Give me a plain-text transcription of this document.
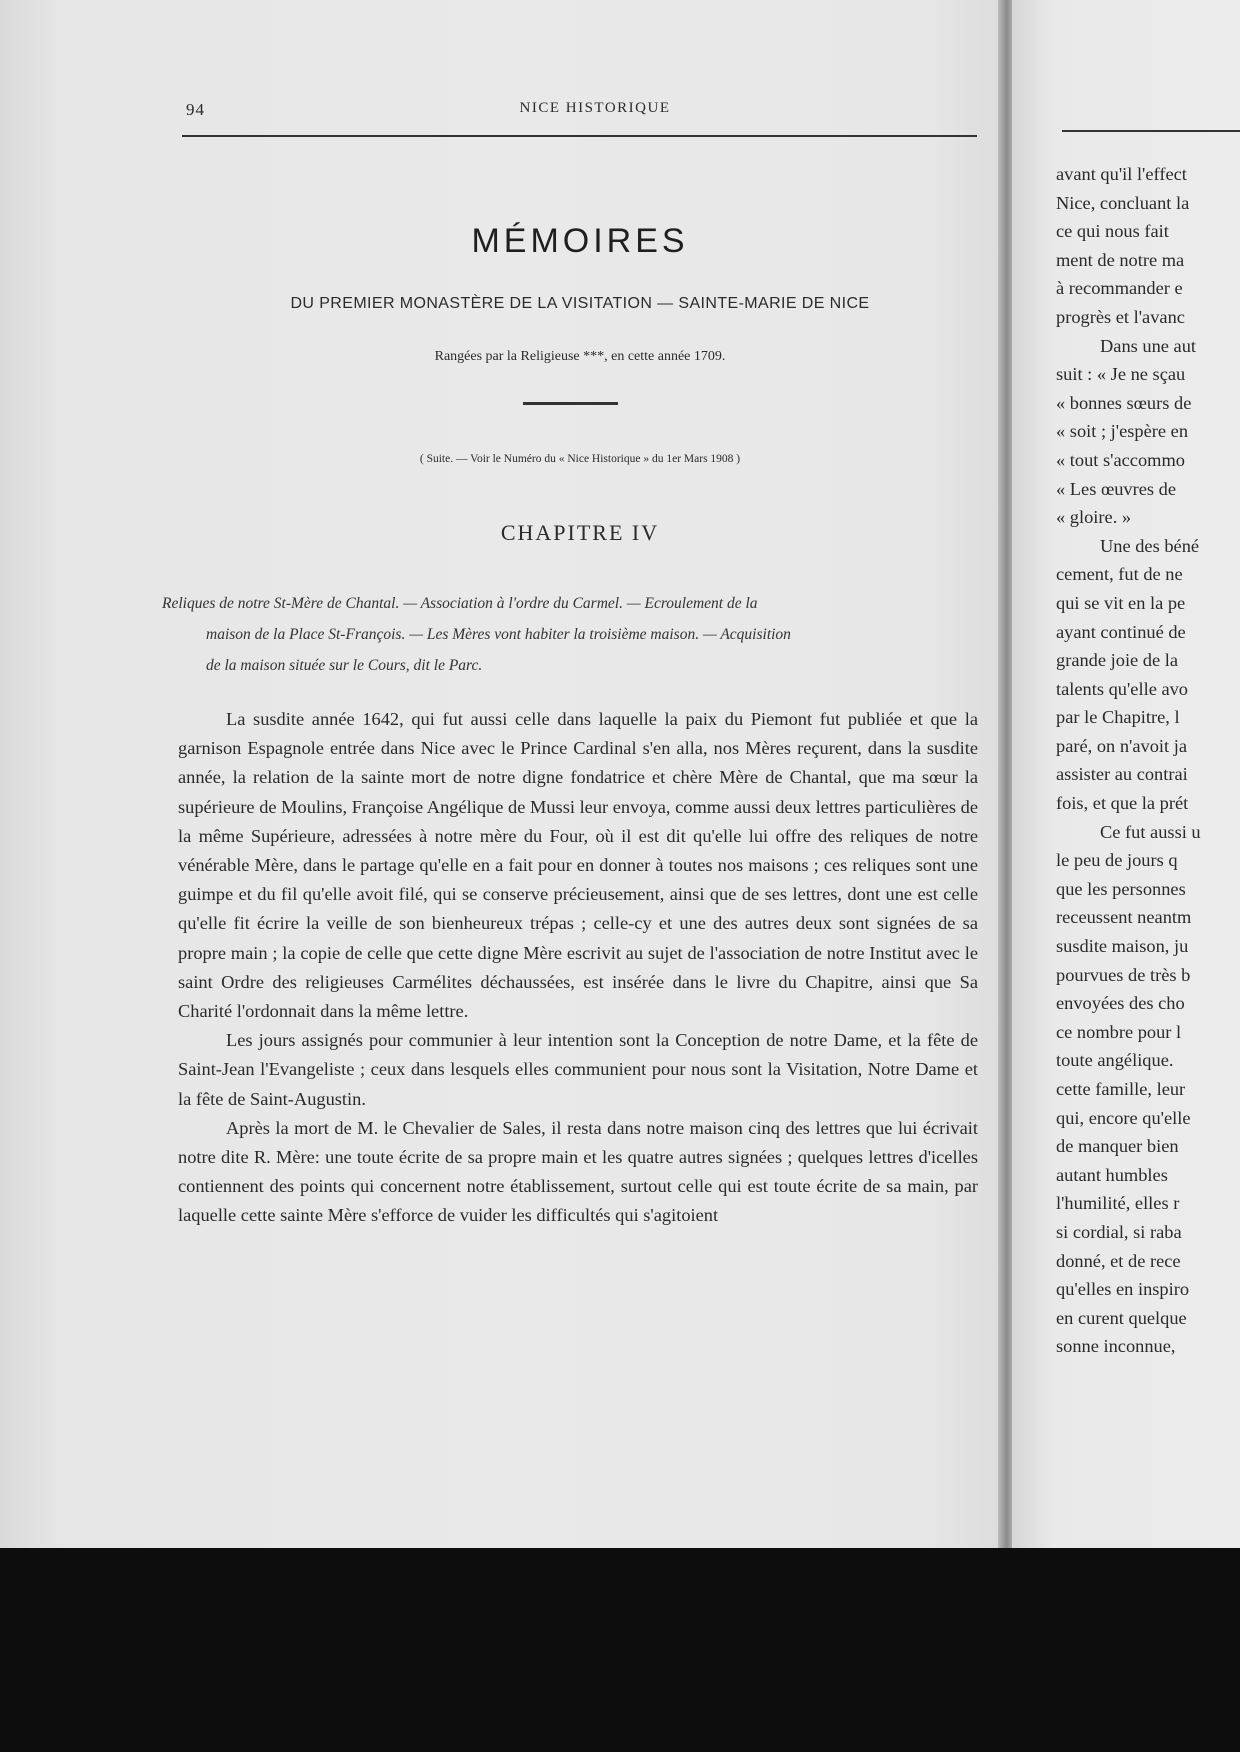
94	NICE HISTORIQUE
MÉMOIRES
DU PREMIER MONASTÈRE DE LA VISITATION — SAINTE-MARIE DE NICE
Rangées par la Religieuse ***, en cette année 1709.
( Suite. — Voir le Numéro du « Nice Historique » du 1er Mars 1908 )
CHAPITRE IV

Reliques de notre St-Mère de Chantal. — Association à l'ordre du Carmel. — Ecroulement de la

maison de la Place St-François. — Les Mères vont habiter la troisième maison. — Acquisition

de la maison située sur le Cours, dit le Parc.

La susdite année 1642, qui fut aussi celle dans laquelle la paix du Piemont fut publiée et que la garnison Espagnole entrée dans Nice avec le Prince Cardinal s'en alla, nos Mères reçurent, dans la susdite année, la relation de la sainte mort de notre digne fondatrice et chère Mère de Chantal, que ma sœur la supérieure de Moulins, Françoise Angélique de Mussi leur envoya, comme aussi deux lettres particulières de la même Supérieure, adressées à notre mère du Four, où il est dit qu'elle lui offre des reliques de notre vénérable Mère, dans le partage qu'elle en a fait pour en donner à toutes nos maisons ; ces reliques sont une guimpe et du fil qu'elle avoit filé, qui se conserve précieusement, ainsi que de ses lettres, dont une est celle qu'elle fit écrire la veille de son bienheureux trépas ; celle-cy et une des autres deux sont signées de sa propre main ; la copie de celle que cette digne Mère escrivit au sujet de l'association de notre Institut avec le saint Ordre des religieuses Carmélites déchaussées, est insérée dans le livre du Chapitre, ainsi que Sa Charité l'ordonnait dans la même lettre.

Les jours assignés pour communier à leur intention sont la Conception de notre Dame, et la fête de Saint-Jean l'Evangeliste ; ceux dans lesquels elles communient pour nous sont la Visitation, Notre Dame et la fête de Saint-Augustin.

Après la mort de M. le Chevalier de Sales, il resta dans notre maison cinq des lettres que lui écrivait notre dite R. Mère: une toute écrite de sa propre main et les quatre autres signées ; quelques lettres d'icelles contiennent des points qui concernent notre établissement, surtout celle qui est toute écrite de sa main, par laquelle cette sainte Mère s'efforce de vuider les difficultés qui s'agitoient

avant qu'il l'effect
Nice, concluant la
ce qui nous fait
ment de notre ma
à recommander e
progrès et l'avanc
Dans une aut
suit : « Je ne sçau
« bonnes sœurs de
« soit ; j'espère en
« tout s'accommo
« Les œuvres de
« gloire. »
Une des béné
cement, fut de ne
qui se vit en la pe
ayant continué de
grande joie de la
talents qu'elle avo
par le Chapitre, l
paré, on n'avoit ja
assister au contrai
fois, et que la prét
Ce fut aussi u
le peu de jours q
que les personnes
receussent neantm
susdite maison, ju
pourvues de très b
envoyées des cho
ce nombre pour l
toute angélique.
cette famille, leur
qui, encore qu'elle
de manquer bien
autant humbles
l'humilité, elles r
si cordial, si raba
donné, et de rece
qu'elles en inspiro
en curent quelque
sonne inconnue,
